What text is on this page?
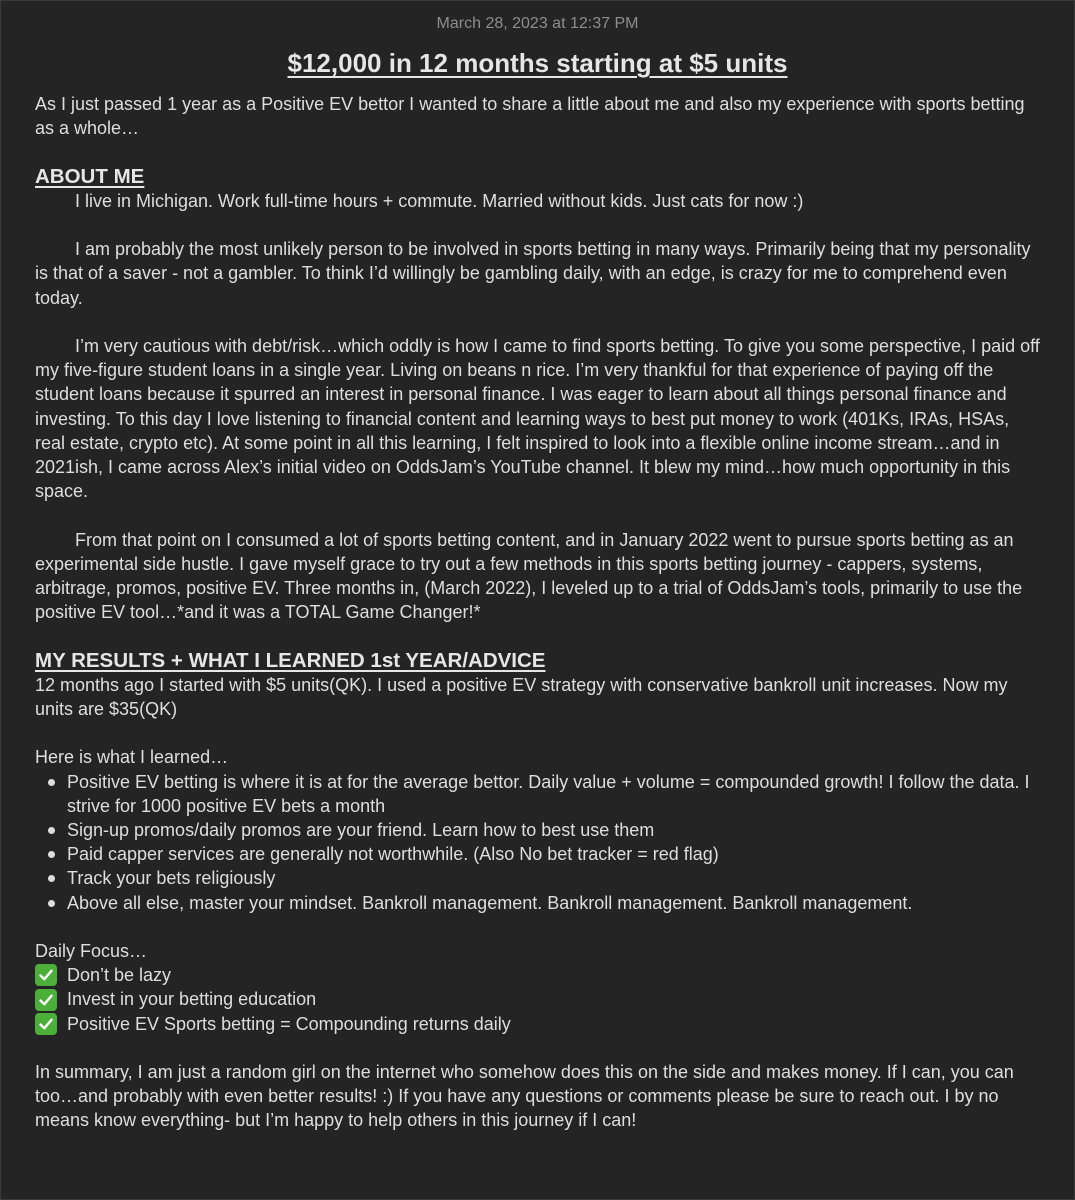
March 28, 2023 at 12:37 PM
$12,000 in 12 months starting at $5 units

As I just passed 1 year as a Positive EV bettor I wanted to share a little about me and also my experience with sports betting as a whole…

ABOUT ME

I live in Michigan. Work full-time hours + commute. Married without kids. Just cats for now :)

I am probably the most unlikely person to be involved in sports betting in many ways. Primarily being that my personality is that of a saver - not a gambler. To think I’d willingly be gambling daily, with an edge, is crazy for me to comprehend even today.

I’m very cautious with debt/risk…which oddly is how I came to find sports betting. To give you some perspective, I paid off my five-figure student loans in a single year. Living on beans n rice. I’m very thankful for that experience of paying off the student loans because it spurred an interest in personal finance. I was eager to learn about all things personal finance and investing. To this day I love listening to financial content and learning ways to best put money to work (401Ks, IRAs, HSAs, real estate, crypto etc). At some point in all this learning, I felt inspired to look into a flexible online income stream…and in 2021ish, I came across Alex’s initial video on OddsJam’s YouTube channel. It blew my mind…how much opportunity in this space.

From that point on I consumed a lot of sports betting content, and in January 2022 went to pursue sports betting as an experimental side hustle. I gave myself grace to try out a few methods in this sports betting journey - cappers, systems, arbitrage, promos, positive EV. Three months in, (March 2022), I leveled up to a trial of OddsJam’s tools, primarily to use the positive EV tool…*and it was a TOTAL Game Changer!*

MY RESULTS + WHAT I LEARNED 1st YEAR/ADVICE

12 months ago I started with $5 units(QK). I used a positive EV strategy with conservative bankroll unit increases. Now my units are $35(QK)

Here is what I learned…

Positive EV betting is where it is at for the average bettor. Daily value + volume = compounded growth! I follow the data. I strive for 1000 positive EV bets a month
Sign-up promos/daily promos are your friend. Learn how to best use them
Paid capper services are generally not worthwhile. (Also No bet tracker = red flag)
Track your bets religiously
Above all else, master your mindset. Bankroll management. Bankroll management. Bankroll management.

Daily Focus…

Don’t be lazy
Invest in your betting education
Positive EV Sports betting = Compounding returns daily

In summary, I am just a random girl on the internet who somehow does this on the side and makes money. If I can, you can too…and probably with even better results! :) If you have any questions or comments please be sure to reach out. I by no means know everything- but I’m happy to help others in this journey if I can!
